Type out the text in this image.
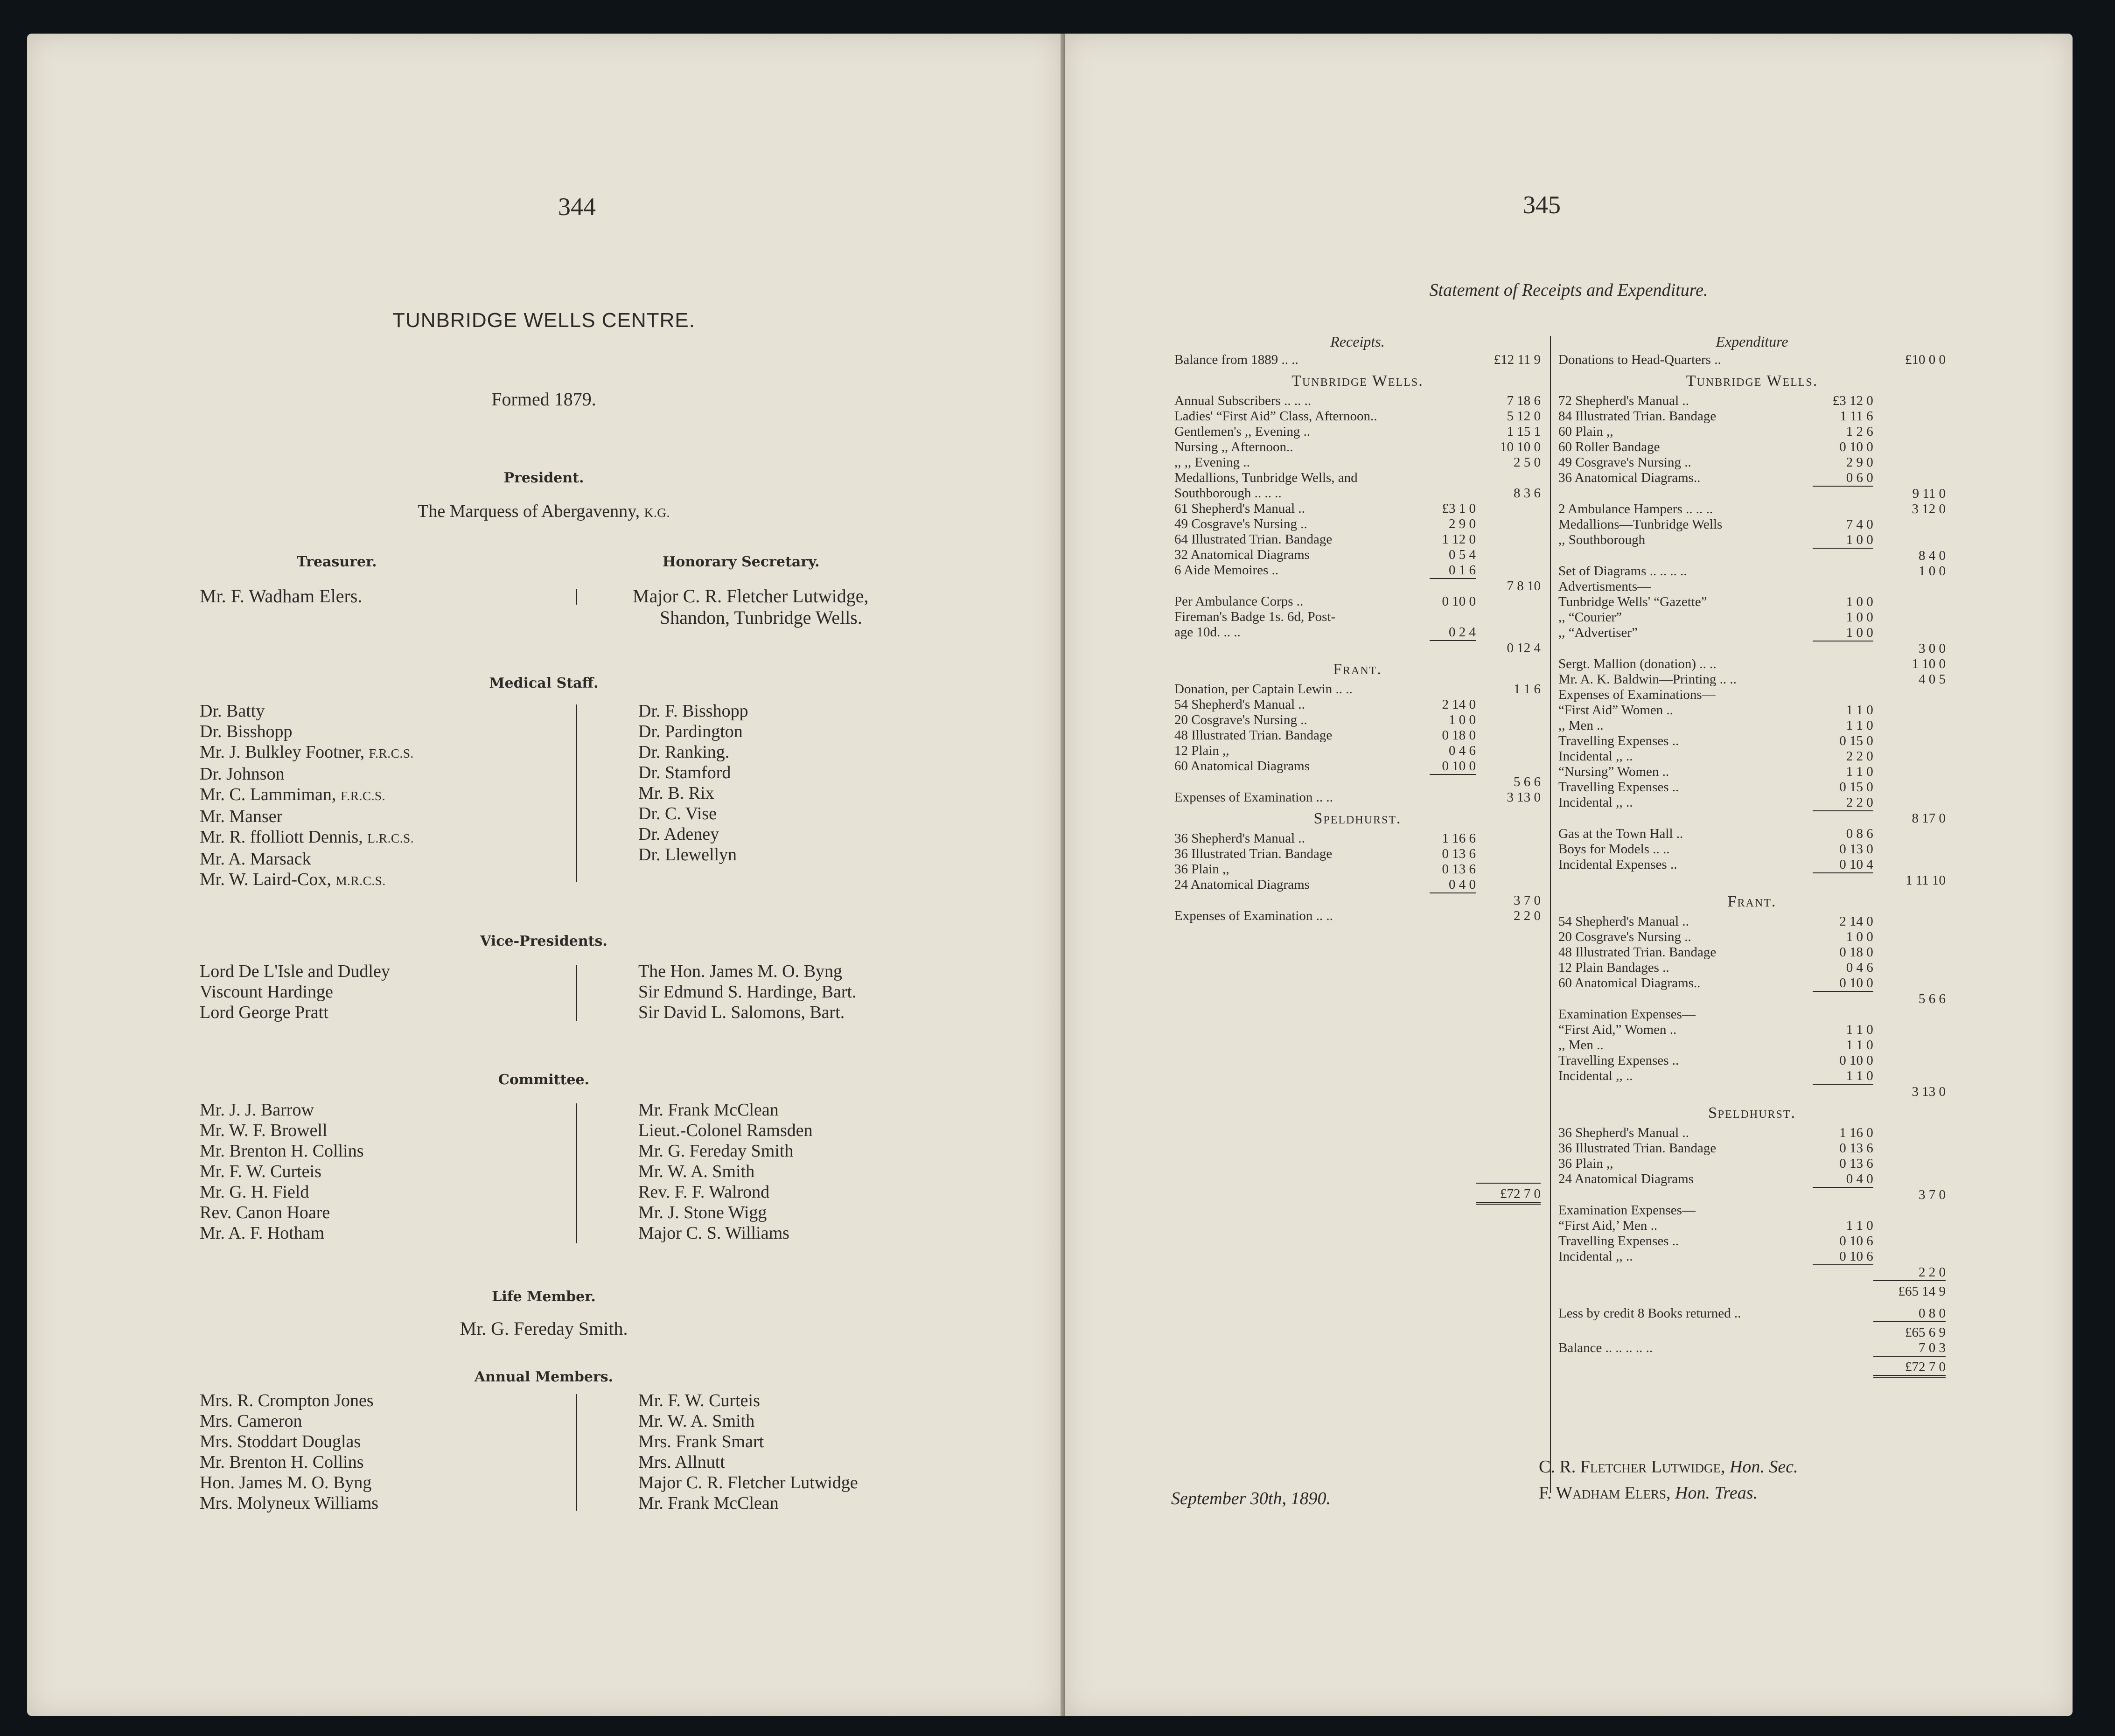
344
TUNBRIDGE WELLS CENTRE.
Formed 1879.
President.
The Marquess of Abergavenny, K.G.
Treasurer.	Honorary Secretary.
Mr. F. Wadham Elers.	Major C. R. Fletcher Lutwidge,
Shandon, Tunbridge Wells.
Medical Staff.
Dr. Batty
Dr. Bisshopp
Mr. J. Bulkley Footner, F.R.C.S.
Dr. Johnson
Mr. C. Lammiman, F.R.C.S.
Mr. Manser
Mr. R. ffolliott Dennis, L.R.C.S.
Mr. A. Marsack
Mr. W. Laird-Cox, M.R.C.S.
Dr. F. Bisshopp
Dr. Pardington
Dr. Ranking.
Dr. Stamford
Mr. B. Rix
Dr. C. Vise
Dr. Adeney
Dr. Llewellyn
Vice-Presidents.
Lord De L'Isle and Dudley
Viscount Hardinge
Lord George Pratt
The Hon. James M. O. Byng
Sir Edmund S. Hardinge, Bart.
Sir David L. Salomons, Bart.
Committee.
Mr. J. J. Barrow
Mr. W. F. Browell
Mr. Brenton H. Collins
Mr. F. W. Curteis
Mr. G. H. Field
Rev. Canon Hoare
Mr. A. F. Hotham
Mr. Frank McClean
Lieut.-Colonel Ramsden
Mr. G. Fereday Smith
Mr. W. A. Smith
Rev. F. F. Walrond
Mr. J. Stone Wigg
Major C. S. Williams
Life Member.
Mr. G. Fereday Smith.
Annual Members.
Mrs. R. Crompton Jones
Mrs. Cameron
Mrs. Stoddart Douglas
Mr. Brenton H. Collins
Hon. James M. O. Byng
Mrs. Molyneux Williams
Mr. F. W. Curteis
Mr. W. A. Smith
Mrs. Frank Smart
Mrs. Allnutt
Major C. R. Fletcher Lutwidge
Mr. Frank McClean
345
Statement of Receipts and Expenditure.
Receipts.		
Balance from 1889 .. ..		£12 11 9
Tunbridge Wells.		
Annual Subscribers .. .. ..		7 18 6
Ladies' “First Aid” Class, Afternoon..		5 12 0
Gentlemen's ,, Evening ..		1 15 1
Nursing ,, Afternoon..		10 10 0
,, ,, Evening ..		2 5 0
Medallions, Tunbridge Wells, and		
Southborough .. .. ..		8 3 6
61 Shepherd's Manual ..	£3 1 0	
49 Cosgrave's Nursing ..	2 9 0	
64 Illustrated Trian. Bandage	1 12 0	
32 Anatomical Diagrams	0 5 4	
6 Aide Memoires ..	0 1 6	
		7 8 10
Per Ambulance Corps ..	0 10 0	
Fireman's Badge 1s. 6d, Post-		
age 10d. .. ..	0 2 4	
		0 12 4
Frant.		
Donation, per Captain Lewin .. ..		1 1 6
54 Shepherd's Manual ..	2 14 0	
20 Cosgrave's Nursing ..	1 0 0	
48 Illustrated Trian. Bandage	0 18 0	
12 Plain ,,	0 4 6	
60 Anatomical Diagrams	0 10 0	
		5 6 6
Expenses of Examination .. ..		3 13 0
Speldhurst.		
36 Shepherd's Manual ..	1 16 6	
36 Illustrated Trian. Bandage	0 13 6	
36 Plain ,,	0 13 6	
24 Anatomical Diagrams	0 4 0	
		3 7 0
Expenses of Examination .. ..		2 2 0

		£72 7 0
Expenditure		
Donations to Head-Quarters ..		£10 0 0
Tunbridge Wells.		
72 Shepherd's Manual ..	£3 12 0	
84 Illustrated Trian. Bandage	1 11 6	
60 Plain ,,	1 2 6	
60 Roller Bandage	0 10 0	
49 Cosgrave's Nursing ..	2 9 0	
36 Anatomical Diagrams..	0 6 0	
		9 11 0
2 Ambulance Hampers .. .. ..		3 12 0
Medallions—Tunbridge Wells	7 4 0	
,, Southborough	1 0 0	
		8 4 0
Set of Diagrams .. .. .. ..		1 0 0
Advertisments—		
Tunbridge Wells' “Gazette”	1 0 0	
,, “Courier”	1 0 0	
,, “Advertiser”	1 0 0	
		3 0 0
Sergt. Mallion (donation) .. ..		1 10 0
Mr. A. K. Baldwin—Printing .. ..		4 0 5
Expenses of Examinations—		
“First Aid” Women ..	1 1 0	
,, Men ..	1 1 0	
Travelling Expenses ..	0 15 0	
Incidental ,, ..	2 2 0	
“Nursing” Women ..	1 1 0	
Travelling Expenses ..	0 15 0	
Incidental ,, ..	2 2 0	
		8 17 0
Gas at the Town Hall ..	0 8 6	
Boys for Models .. ..	0 13 0	
Incidental Expenses ..	0 10 4	
		1 11 10
Frant.		
54 Shepherd's Manual ..	2 14 0	
20 Cosgrave's Nursing ..	1 0 0	
48 Illustrated Trian. Bandage	0 18 0	
12 Plain Bandages ..	0 4 6	
60 Anatomical Diagrams..	0 10 0	
		5 6 6
Examination Expenses—		
“First Aid,” Women ..	1 1 0	
,, Men ..	1 1 0	
Travelling Expenses ..	0 10 0	
Incidental ,, ..	1 1 0	
		3 13 0
Speldhurst.		
36 Shepherd's Manual ..	1 16 0	
36 Illustrated Trian. Bandage	0 13 6	
36 Plain ,,	0 13 6	
24 Anatomical Diagrams	0 4 0	
		3 7 0
Examination Expenses—		
“First Aid,’ Men ..	1 1 0	
Travelling Expenses ..	0 10 6	
Incidental ,, ..	0 10 6	
		2 2 0
		£65 14 9

Less by credit 8 Books returned ..		0 8 0
		£65 6 9
Balance .. .. .. .. ..		7 0 3
		£72 7 0
September 30th, 1890.
C. R. Fletcher Lutwidge, Hon. Sec.
F. Wadham Elers, Hon. Treas.
